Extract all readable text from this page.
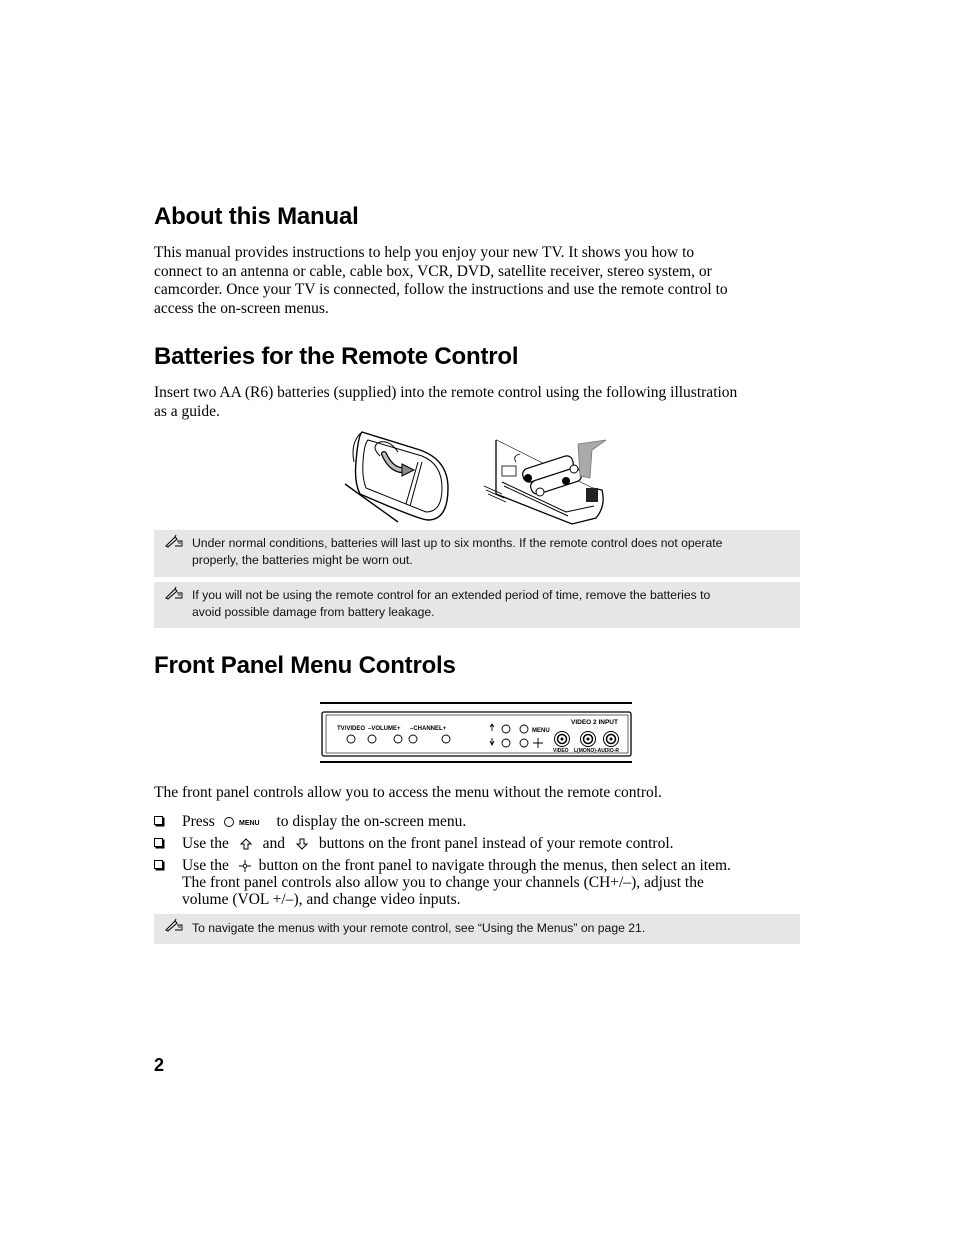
About this Manual
This manual provides instructions to help you enjoy your new TV. It shows you how to
connect to an antenna or cable, cable box, VCR, DVD, satellite receiver, stereo system, or
camcorder. Once your TV is connected, follow the instructions and use the remote control to
access the on-screen menus.
Batteries for the Remote Control
Insert two AA (R6) batteries (supplied) into the remote control using the following illustration
as a guide.
Under normal conditions, batteries will last up to six months. If the remote control does not operate
properly, the batteries might be worn out.
If you will not be using the remote control for an extended period of time, remove the batteries to
avoid possible damage from battery leakage.
Front Panel Menu Controls
TV/VIDEO –VOLUME+ –CHANNEL+	MENU
VIDEO 2 INPUT
VIDEO L(MONO)-AUDIO-R
The front panel controls allow you to access the menu without the remote control.
Press	MENU to display the on-screen menu.
Use the and buttons on the front panel instead of your remote control.
Use the button on the front panel to navigate through the menus, then select an item.
The front panel controls also allow you to change your channels (CH+/–), adjust the
volume (VOL +/–), and change video inputs.
To navigate the menus with your remote control, see “Using the Menus” on page 21.
2
